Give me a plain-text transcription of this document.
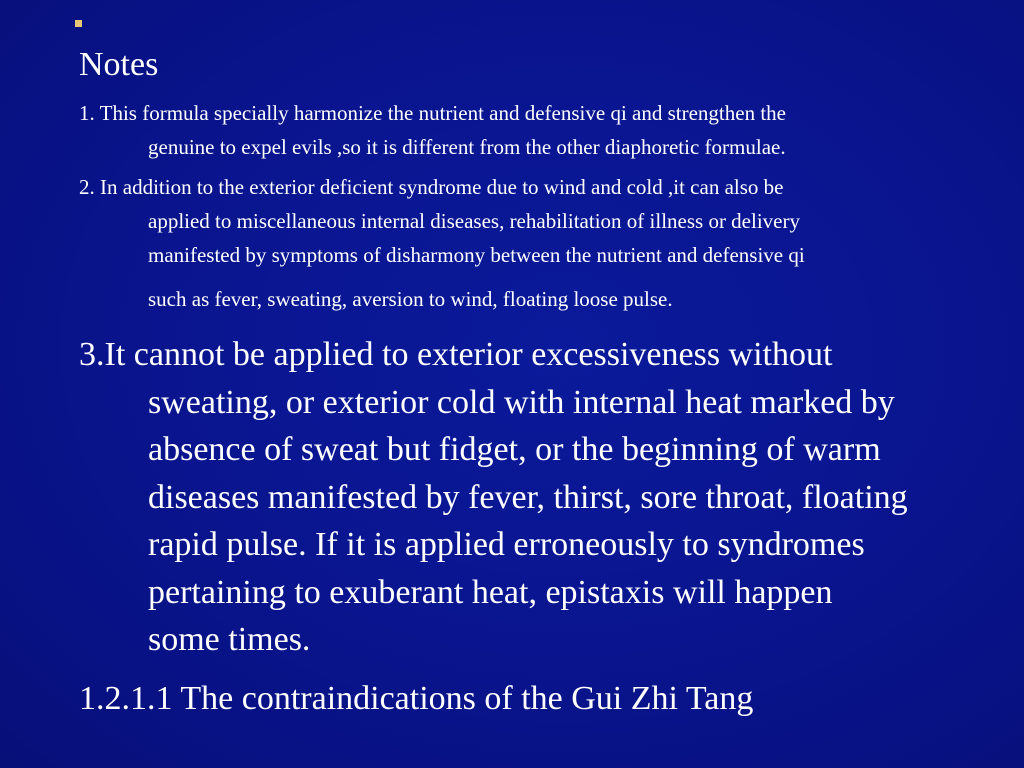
Notes
1. This formula specially harmonize the nutrient and defensive qi and strengthen the
genuine to expel evils ,so it is different from the other diaphoretic formulae.
2. In addition to the exterior deficient syndrome due to wind and cold ,it can also be
applied to miscellaneous internal diseases, rehabilitation of illness or delivery
manifested by symptoms of disharmony between the nutrient and defensive qi
such as fever, sweating, aversion to wind, floating loose pulse.
3.It cannot be applied to exterior excessiveness without
sweating, or exterior cold with internal heat marked by
absence of sweat but fidget, or the beginning of warm
diseases manifested by fever, thirst, sore throat, floating
rapid pulse. If it is applied erroneously to syndromes
pertaining to exuberant heat, epistaxis will happen
some times.
1.2.1.1 The contraindications of the Gui Zhi Tang
